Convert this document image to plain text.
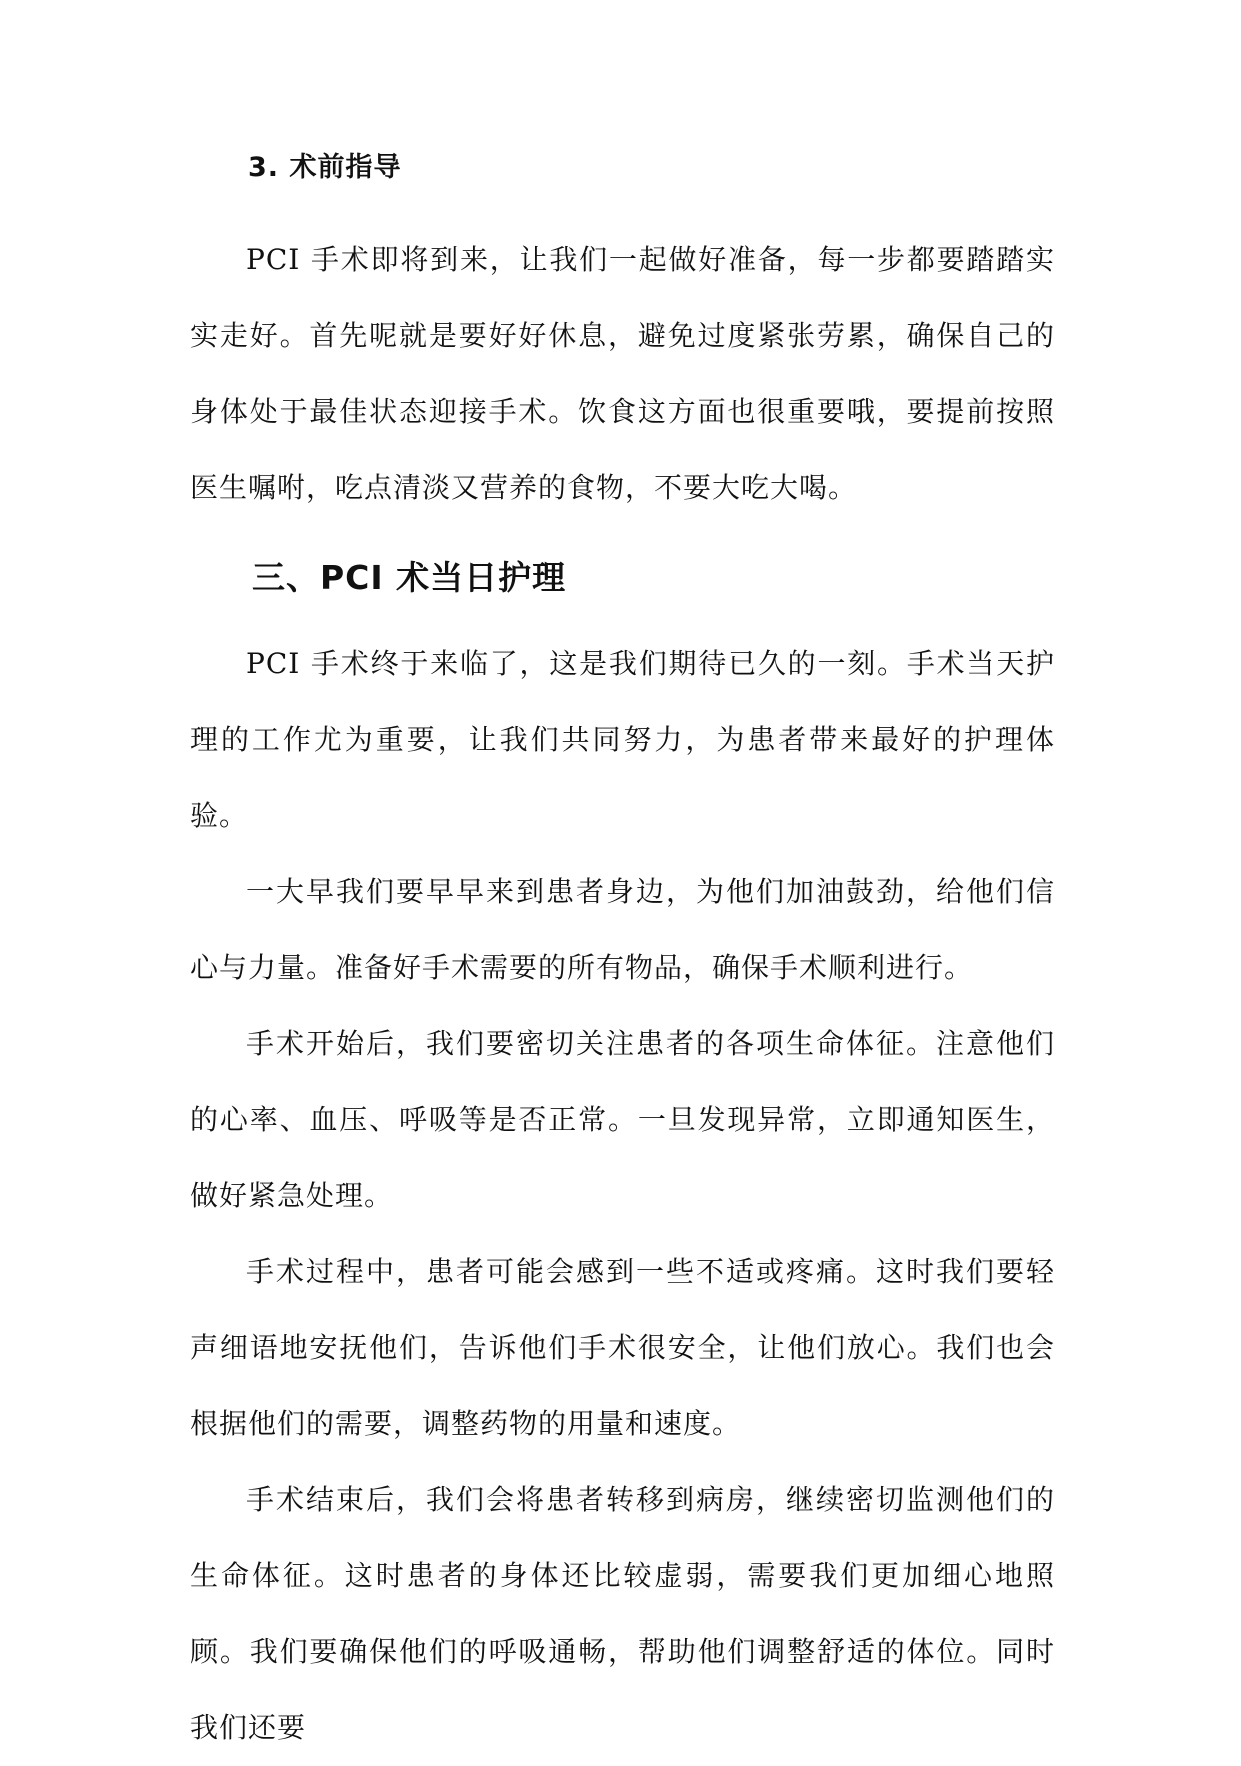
3. 术前指导

PCI 手术即将到来，让我们一起做好准备，每一步都要踏踏实实走好。首先呢就是要好好休息，避免过度紧张劳累，确保自己的身体处于最佳状态迎接手术。饮食这方面也很重要哦，要提前按照医生嘱咐，吃点清淡又营养的食物，不要大吃大喝。

三、PCI 术当日护理

PCI 手术终于来临了，这是我们期待已久的一刻。手术当天护理的工作尤为重要，让我们共同努力，为患者带来最好的护理体验。

一大早我们要早早来到患者身边，为他们加油鼓劲，给他们信心与力量。准备好手术需要的所有物品，确保手术顺利进行。

手术开始后，我们要密切关注患者的各项生命体征。注意他们的心率、血压、呼吸等是否正常。一旦发现异常，立即通知医生，做好紧急处理。

手术过程中，患者可能会感到一些不适或疼痛。这时我们要轻声细语地安抚他们，告诉他们手术很安全，让他们放心。我们也会根据他们的需要，调整药物的用量和速度。

手术结束后，我们会将患者转移到病房，继续密切监测他们的生命体征。这时患者的身体还比较虚弱，需要我们更加细心地照顾。我们要确保他们的呼吸通畅，帮助他们调整舒适的体位。同时我们还要
